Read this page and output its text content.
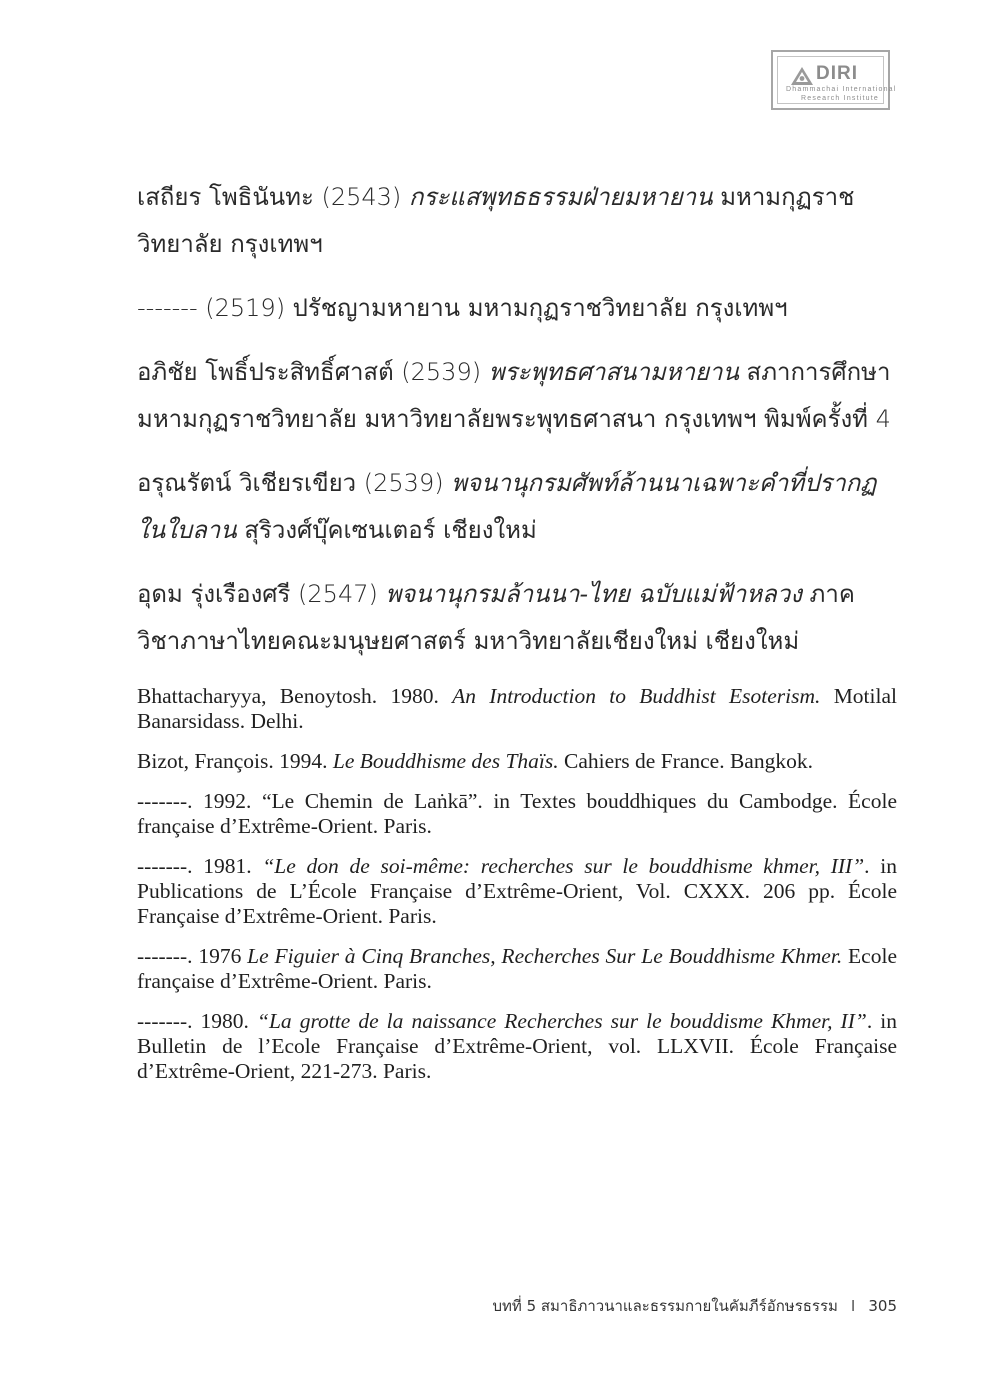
DIRI
Dhammachai International
Research Institute

เสถียร โพธินันทะ (2543) กระแสพุทธธรรมฝ่ายมหายาน มหามกุฏราชวิทยาลัย กรุงเทพฯ

------- (2519) ปรัชญามหายาน มหามกุฏราชวิทยาลัย กรุงเทพฯ

อภิชัย โพธิ์ประสิทธิ์ศาสต์ (2539) พระพุทธศาสนามหายาน สภาการศึกษามหามกุฏราชวิทยาลัย มหาวิทยาลัยพระพุทธศาสนา กรุงเทพฯ พิมพ์ครั้งที่ 4

อรุณรัตน์ วิเชียรเขียว (2539) พจนานุกรมศัพท์ล้านนาเฉพาะคำที่ปรากฏในใบลาน สุริวงศ์บุ๊คเซนเตอร์ เชียงใหม่

อุดม รุ่งเรืองศรี (2547) พจนานุกรมล้านนา-ไทย ฉบับแม่ฟ้าหลวง ภาควิชาภาษาไทยคณะมนุษยศาสตร์ มหาวิทยาลัยเชียงใหม่ เชียงใหม่

Bhattacharyya, Benoytosh. 1980. An Introduction to Buddhist Esoterism. Motilal Banarsidass. Delhi.

Bizot, François. 1994. Le Bouddhisme des Thaïs. Cahiers de France. Bangkok.

-------. 1992. “Le Chemin de Laṅkā”. in Textes bouddhiques du Cambodge. École française d’Extrême-Orient. Paris.

-------. 1981. “Le don de soi-même: recherches sur le bouddhisme khmer, III”. in Publications de L’École Française d’Extrême-Orient, Vol. CXXX. 206 pp. École Française d’Extrême-Orient. Paris.

-------. 1976 Le Figuier à Cinq Branches, Recherches Sur Le Bouddhisme Khmer. Ecole française d’Extrême-Orient. Paris.

-------. 1980. “La grotte de la naissance Recherches sur le bouddisme Khmer, II”. in Bulletin de l’Ecole Française d’Extrême-Orient, vol. LLXVII. École Française d’Extrême-Orient, 221-273. Paris.

บทที่ 5 สมาธิภาวนาและธรรมกายในคัมภีร์อักษรธรรม I 305
